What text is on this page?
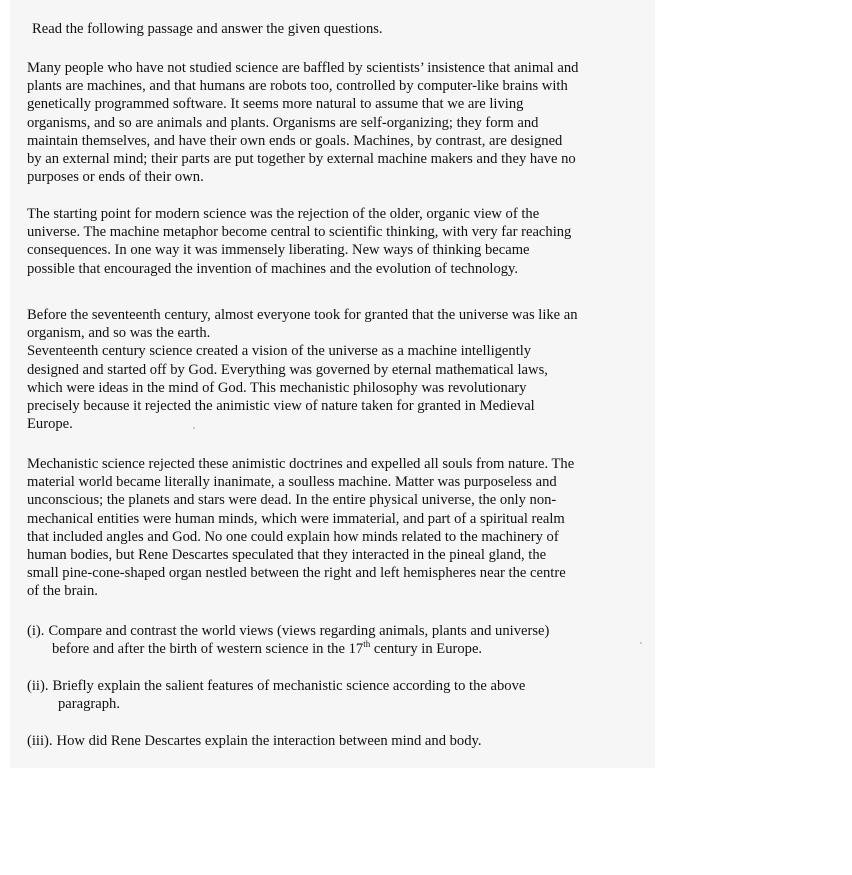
Read the following passage and answer the given questions.

Many people who have not studied science are baffled by scientists’ insistence that animal and
plants are machines, and that humans are robots too, controlled by computer-like brains with
genetically programmed software. It seems more natural to assume that we are living
organisms, and so are animals and plants. Organisms are self-organizing; they form and
maintain themselves, and have their own ends or goals. Machines, by contrast, are designed
by an external mind; their parts are put together by external machine makers and they have no
purposes or ends of their own.

The starting point for modern science was the rejection of the older, organic view of the
universe. The machine metaphor become central to scientific thinking, with very far reaching
consequences. In one way it was immensely liberating. New ways of thinking became
possible that encouraged the invention of machines and the evolution of technology.

Before the seventeenth century, almost everyone took for granted that the universe was like an
organism, and so was the earth.
Seventeenth century science created a vision of the universe as a machine intelligently
designed and started off by God. Everything was governed by eternal mathematical laws,
which were ideas in the mind of God. This mechanistic philosophy was revolutionary
precisely because it rejected the animistic view of nature taken for granted in Medieval
Europe.

Mechanistic science rejected these animistic doctrines and expelled all souls from nature. The
material world became literally inanimate, a soulless machine. Matter was purposeless and
unconscious; the planets and stars were dead. In the entire physical universe, the only non-
mechanical entities were human minds, which were immaterial, and part of a spiritual realm
that included angles and God. No one could explain how minds related to the machinery of
human bodies, but Rene Descartes speculated that they interacted in the pineal gland, the
small pine-cone-shaped organ nestled between the right and left hemispheres near the centre
of the brain.

(i). Compare and contrast the world views (views regarding animals, plants and universe)
before and after the birth of western science in the 17th century in Europe.
(ii). Briefly explain the salient features of mechanistic science according to the above
paragraph.
(iii). How did Rene Descartes explain the interaction between mind and body.
